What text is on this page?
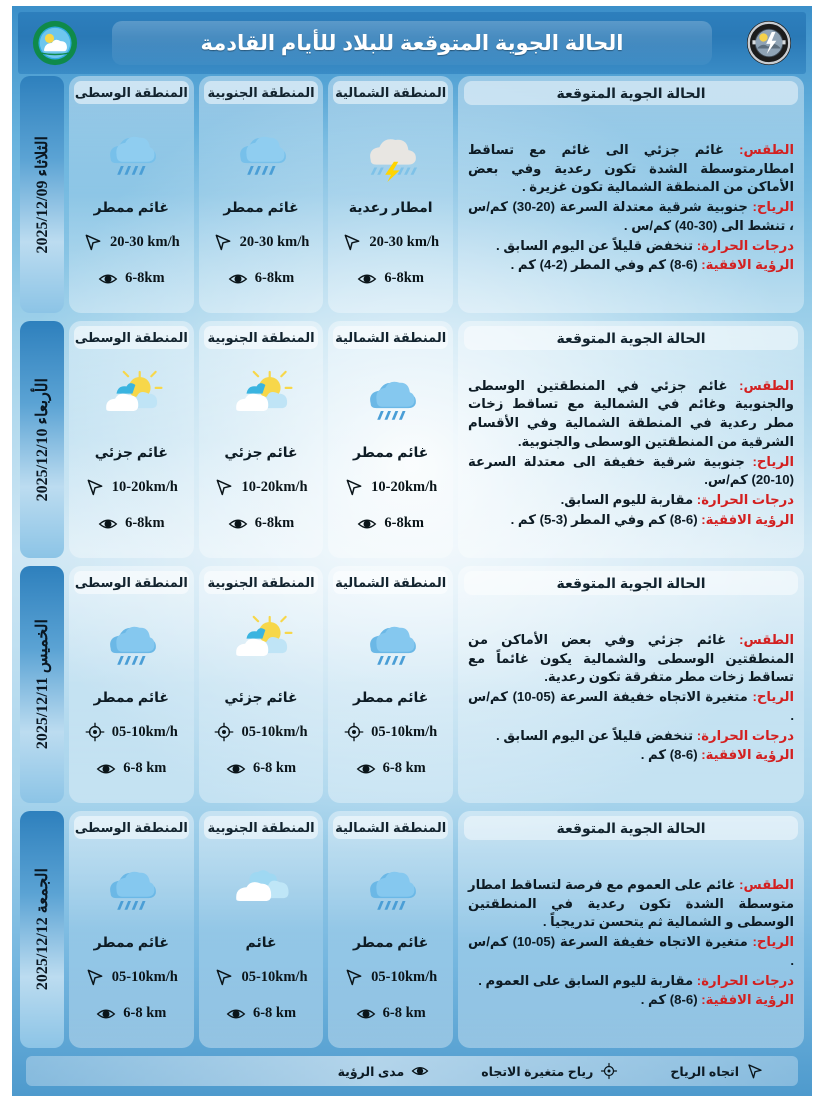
الحالة الجوية المتوقعة للبلاد للأيام القادمة
الحالة الجوية المتوقعة
الطقس: غائم جزئي الى غائم مع تساقط امطارمتوسطة الشدة تكون رعدية وفي بعض الأماكن من المنطقة الشمالية تكون غزيرة .
الرياح: جنوبية شرقية معتدلة السرعة (20-30) كم/س ، تنشط الى (30-40) كم/س .
درجات الحرارة: تنخفض قليلاً عن اليوم السابق .
الرؤية الافقية: (6-8) كم وفي المطر (2-4) كم .
المنطقة الشمالية
امطار رعدية
20-30 km/h
6-8km
المنطقة الجنوبية
غائم ممطر
20-30 km/h
6-8km
المنطقة الوسطى
غائم ممطر
20-30 km/h
6-8km
الثلاثاء 2025/12/09
الحالة الجوية المتوقعة
الطقس: غائم جزئي في المنطقتين الوسطى والجنوبية وغائم في الشمالية مع تساقط زخات مطر رعدية في المنطقة الشمالية وفي الأقسام الشرقية من المنطقتين الوسطى والجنوبية.
الرياح: جنوبية شرقية خفيفة الى معتدلة السرعة (10-20) كم/س.
درجات الحرارة: مقاربة لليوم السابق.
الرؤية الافقية: (6-8) كم وفي المطر (3-5) كم .
المنطقة الشمالية
غائم ممطر
10-20km/h
6-8km
المنطقة الجنوبية
غائم جزئي
10-20km/h
6-8km
المنطقة الوسطى
غائم جزئي
10-20km/h
6-8km
الأربعاء 2025/12/10
الحالة الجوية المتوقعة
الطقس: غائم جزئي وفي بعض الأماكن من المنطقتين الوسطى والشمالية يكون غائماً مع تساقط زخات مطر متفرقة تكون رعدية.
الرياح: متغيرة الاتجاه خفيفة السرعة (05-10) كم/س .
درجات الحرارة: تنخفض قليلاً عن اليوم السابق .
الرؤية الافقية: (6-8) كم .
المنطقة الشمالية
غائم ممطر
05-10km/h
6-8 km
المنطقة الجنوبية
غائم جزئي
05-10km/h
6-8 km
المنطقة الوسطى
غائم ممطر
05-10km/h
6-8 km
الخميس 2025/12/11
الحالة الجوية المتوقعة
الطقس: غائم على العموم مع فرصة لتساقط امطار متوسطة الشدة تكون رعدية في المنطقتين الوسطى و الشمالية ثم يتحسن تدريجياً .
الرياح: متغيرة الاتجاه خفيفة السرعة (05-10) كم/س .
درجات الحرارة: مقاربة لليوم السابق على العموم .
الرؤية الافقية: (6-8) كم .
المنطقة الشمالية
غائم ممطر
05-10km/h
6-8 km
المنطقة الجنوبية
غائم
05-10km/h
6-8 km
المنطقة الوسطى
غائم ممطر
05-10km/h
6-8 km
الجمعة 2025/12/12
اتجاه الرياح
رياح متغيرة الاتجاه
مدى الرؤية
